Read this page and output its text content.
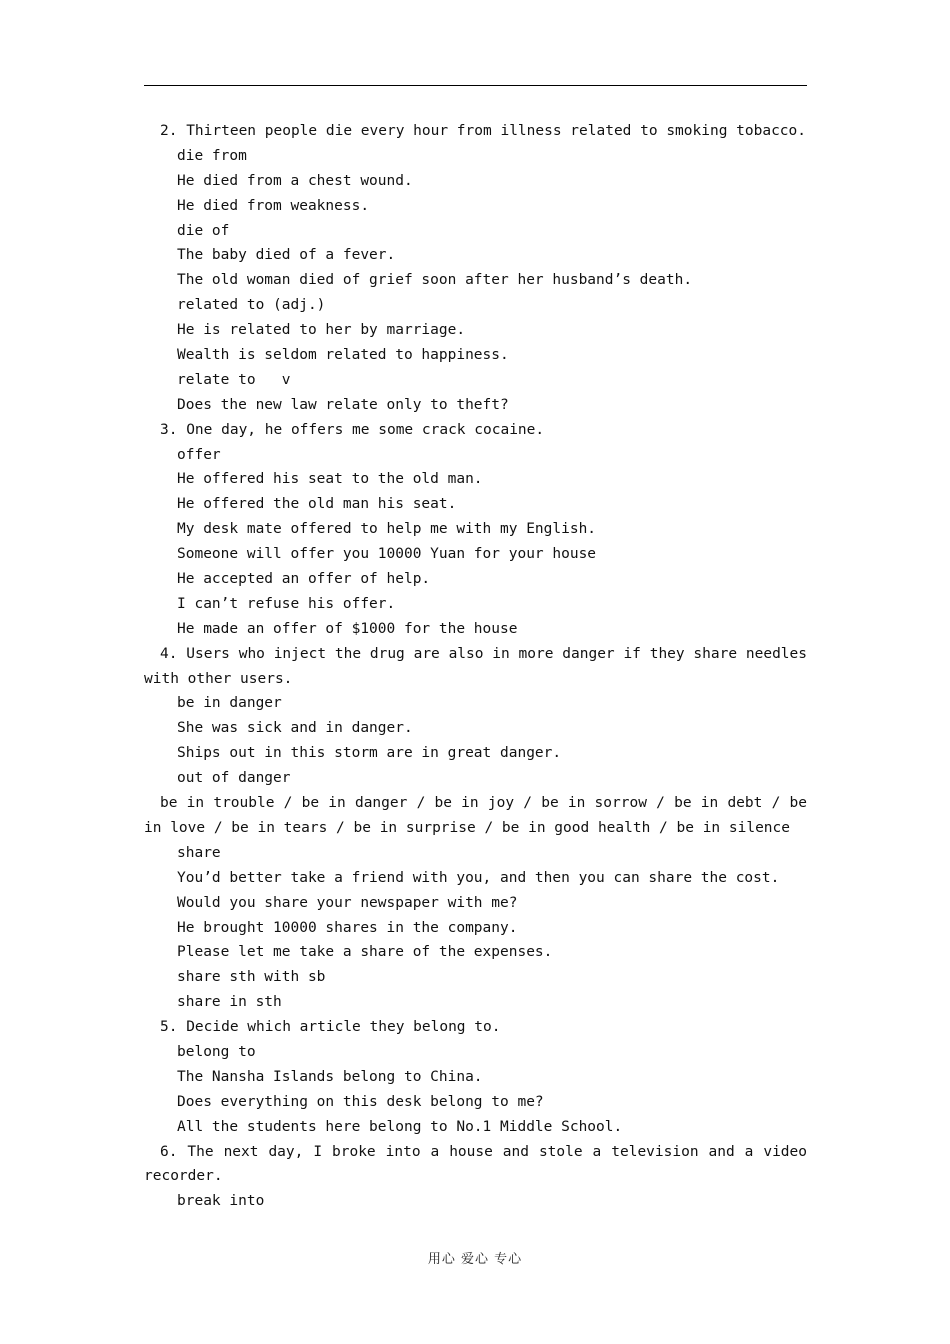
2. Thirteen people die every hour from illness related to smoking tobacco.
die from
He died from a chest wound.
He died from weakness.
die of
The baby died of a fever.
The old woman died of grief soon after her husband’s death.
related to (adj.)
He is related to her by marriage.
Wealth is seldom related to happiness.
relate to   v
Does the new law relate only to theft?
3. One day, he offers me some crack cocaine.
offer
He offered his seat to the old man.
He offered the old man his seat.
My desk mate offered to help me with my English.
Someone will offer you 10000 Yuan for your house
He accepted an offer of help.
I can’t refuse his offer.
He made an offer of $1000 for the house
4. Users who inject the drug are also in more danger if they share needles
with other users.
be in danger
She was sick and in danger.
Ships out in this storm are in great danger.
out of danger
be in trouble / be in danger / be in joy / be in sorrow / be in debt / be
in love / be in tears / be in surprise / be in good health / be in silence
share
You’d better take a friend with you, and then you can share the cost.
Would you share your newspaper with me?
He brought 10000 shares in the company.
Please let me take a share of the expenses.
share sth with sb
share in sth
5. Decide which article they belong to.
belong to
The Nansha Islands belong to China.
Does everything on this desk belong to me?
All the students here belong to No.1 Middle School.
6. The next day, I broke into a house and stole a television and a video
recorder.
break into
用心 爱心 专心
